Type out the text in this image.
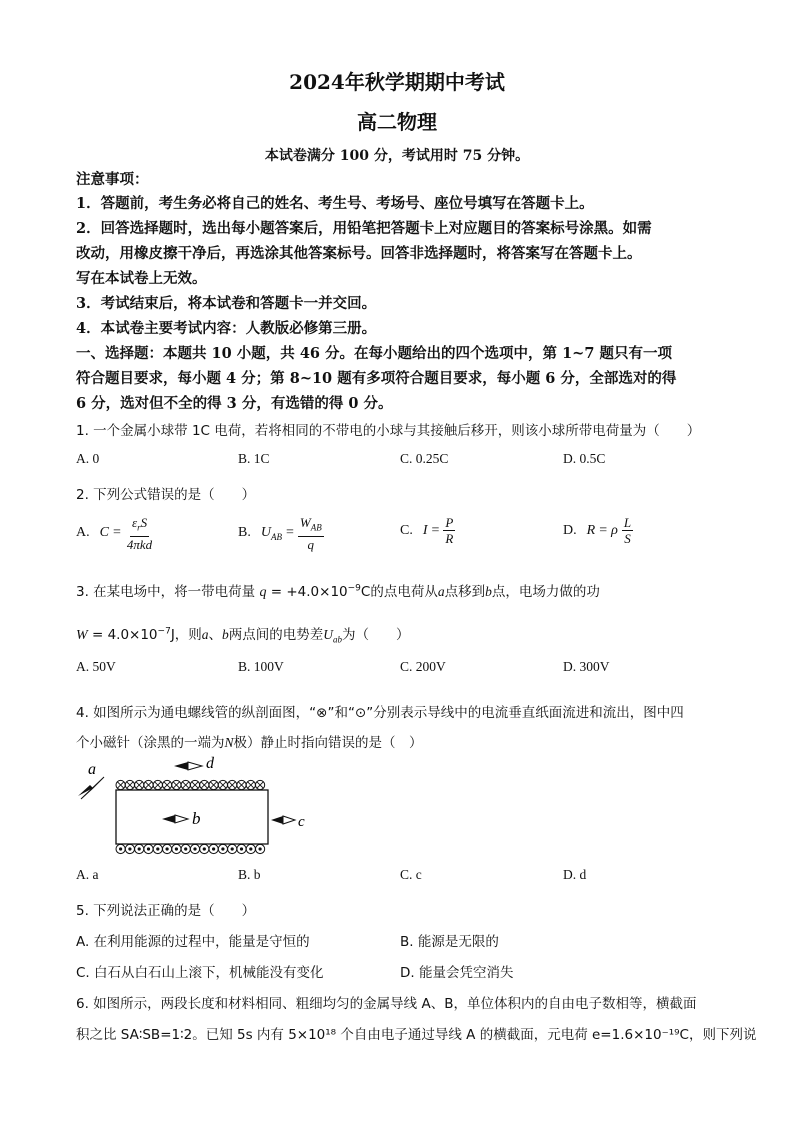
2024年秋学期期中考试
高二物理
本试卷满分 100 分，考试用时 75 分钟。
注意事项：
1．答题前，考生务必将自己的姓名、考生号、考场号、座位号填写在答题卡上。
2．回答选择题时，选出每小题答案后，用铅笔把答题卡上对应题目的答案标号涂黑。如需
改动，用橡皮擦干净后，再选涂其他答案标号。回答非选择题时，将答案写在答题卡上。
写在本试卷上无效。
3．考试结束后，将本试卷和答题卡一并交回。
4．本试卷主要考试内容：人教版必修第三册。
一、选择题：本题共 10 小题，共 46 分。在每小题给出的四个选项中，第 1~7 题只有一项
符合题目要求，每小题 4 分；第 8~10 题有多项符合题目要求，每小题 6 分，全部选对的得
6 分，选对但不全的得 3 分，有选错的得 0 分。
1. 一个金属小球带 1C 电荷，若将相同的不带电的小球与其接触后移开，则该小球所带电荷量为（　　）
A. 0	B. 1C	C. 0.25C	D. 0.5C
2. 下列公式错误的是（　　）
A. $C = \frac{\varepsilon_rS}{\text{4πkd}}$	B. $U_{AB} = \frac{W_{AB}}{q}$	C. $I = \frac{P}{R}$	D. R = ρ $\frac{L}{S}$
3. 在某电场中，将一带电荷量 $q = +4.0\times 10^{-9}C$的点电荷从a点移到b点，电场力做的功
$W = 4.0\times 10^{-7}J$，则a、b两点间的电势差$U_{ab}$为（　　）
A. 50V	B. 100V	C. 200V	D. 300V
4. 如图所示为通电螺线管的纵剖面图，“⊗”和“⊙”分别表示导线中的电流垂直纸面流进和流出，图中四
个小磁针（涂黑的一端为N极）静止时指向错误的是（　）
a	d
b	c
A. a	B. b	C. c	D. d
5. 下列说法正确的是（　　）
A. 在利用能源的过程中，能量是守恒的	B. 能源是无限的
C. 白石从白石山上滚下，机械能没有变化	D. 能量会凭空消失
6. 如图所示，两段长度和材料相同、粗细均匀的金属导线 A、B，单位体积内的自由电子数相等，横截面
积之比 SA∶SB=1∶2。已知 5s 内有 5×10¹⁸ 个自由电子通过导线 A 的横截面，元电荷 e=1.6×10⁻¹⁹C，则下列说
